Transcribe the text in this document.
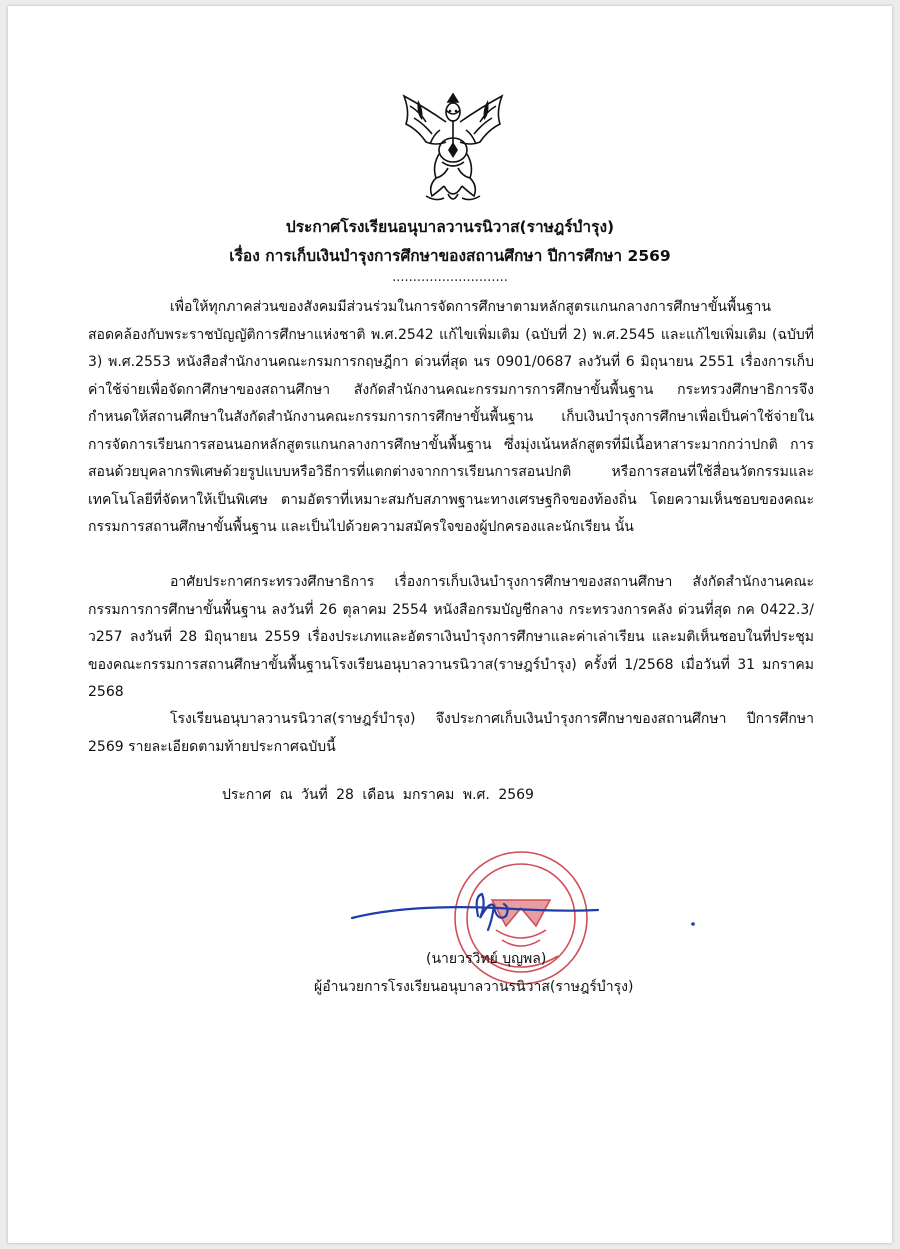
ประกาศโรงเรียนอนุบาลวานรนิวาส(ราษฎร์บำรุง)
เรื่อง การเก็บเงินบำรุงการศึกษาของสถานศึกษา ปีการศึกษา 2569
............................
เพื่อให้ทุกภาคส่วนของสังคมมีส่วนร่วมในการจัดการศึกษาตามหลักสูตรแกนกลางการศึกษาขั้นพื้นฐาน สอดคล้องกับพระราชบัญญัติการศึกษาแห่งชาติ พ.ศ.2542 แก้ไขเพิ่มเติม (ฉบับที่ 2) พ.ศ.2545 และแก้ไขเพิ่มเติม (ฉบับที่ 3) พ.ศ.2553 หนังสือสำนักงานคณะกรมการกฤษฎีกา ด่วนที่สุด นร 0901/0687 ลงวันที่ 6 มิถุนายน 2551 เรื่องการเก็บค่าใช้จ่ายเพื่อจัดกาศึกษาของสถานศึกษา สังกัดสำนักงานคณะกรรมการการศึกษาขั้นพื้นฐาน กระทรวงศึกษาธิการจึงกำหนดให้สถานศึกษาในสังกัดสำนักงานคณะกรรมการการศึกษาขั้นพื้นฐาน เก็บเงินบำรุงการศึกษาเพื่อเป็นค่าใช้จ่ายในการจัดการเรียนการสอนนอกหลักสูตรแกนกลางการศึกษาขั้นพื้นฐาน ซึ่งมุ่งเน้นหลักสูตรที่มีเนื้อหาสาระมากกว่าปกติ การสอนด้วยบุคลากรพิเศษด้วยรูปแบบหรือวิธีการที่แตกต่างจากการเรียนการสอนปกติ หรือการสอนที่ใช้สื่อนวัตกรรมและเทคโนโลยีที่จัดหาให้เป็นพิเศษ ตามอัตราที่เหมาะสมกับสภาพฐานะทางเศรษฐกิจของท้องถิ่น โดยความเห็นชอบของคณะกรรมการสถานศึกษาขั้นพื้นฐาน และเป็นไปด้วยความสมัครใจของผู้ปกครองและนักเรียน นั้น
อาศัยประกาศกระทรวงศึกษาธิการ เรื่องการเก็บเงินบำรุงการศึกษาของสถานศึกษา สังกัดสำนักงานคณะกรรมการการศึกษาขั้นพื้นฐาน ลงวันที่ 26 ตุลาคม 2554 หนังสือกรมบัญชีกลาง กระทรวงการคลัง ด่วนที่สุด กค 0422.3/ว257 ลงวันที่ 28 มิถุนายน 2559 เรื่องประเภทและอัตราเงินบำรุงการศึกษาและค่าเล่าเรียน และมติเห็นชอบในที่ประชุมของคณะกรรมการสถานศึกษาขั้นพื้นฐานโรงเรียนอนุบาลวานรนิวาส(ราษฎร์บำรุง) ครั้งที่ 1/2568 เมื่อวันที่ 31 มกราคม 2568
โรงเรียนอนุบาลวานรนิวาส(ราษฎร์บำรุง) จึงประกาศเก็บเงินบำรุงการศึกษาของสถานศึกษา ปีการศึกษา 2569 รายละเอียดตามท้ายประกาศฉบับนี้
ประกาศ ณ วันที่ 28 เดือน มกราคม พ.ศ. 2569
(นายวรวิทย์ บุญพล)
ผู้อำนวยการโรงเรียนอนุบาลวานรนิวาส(ราษฎร์บำรุง)
